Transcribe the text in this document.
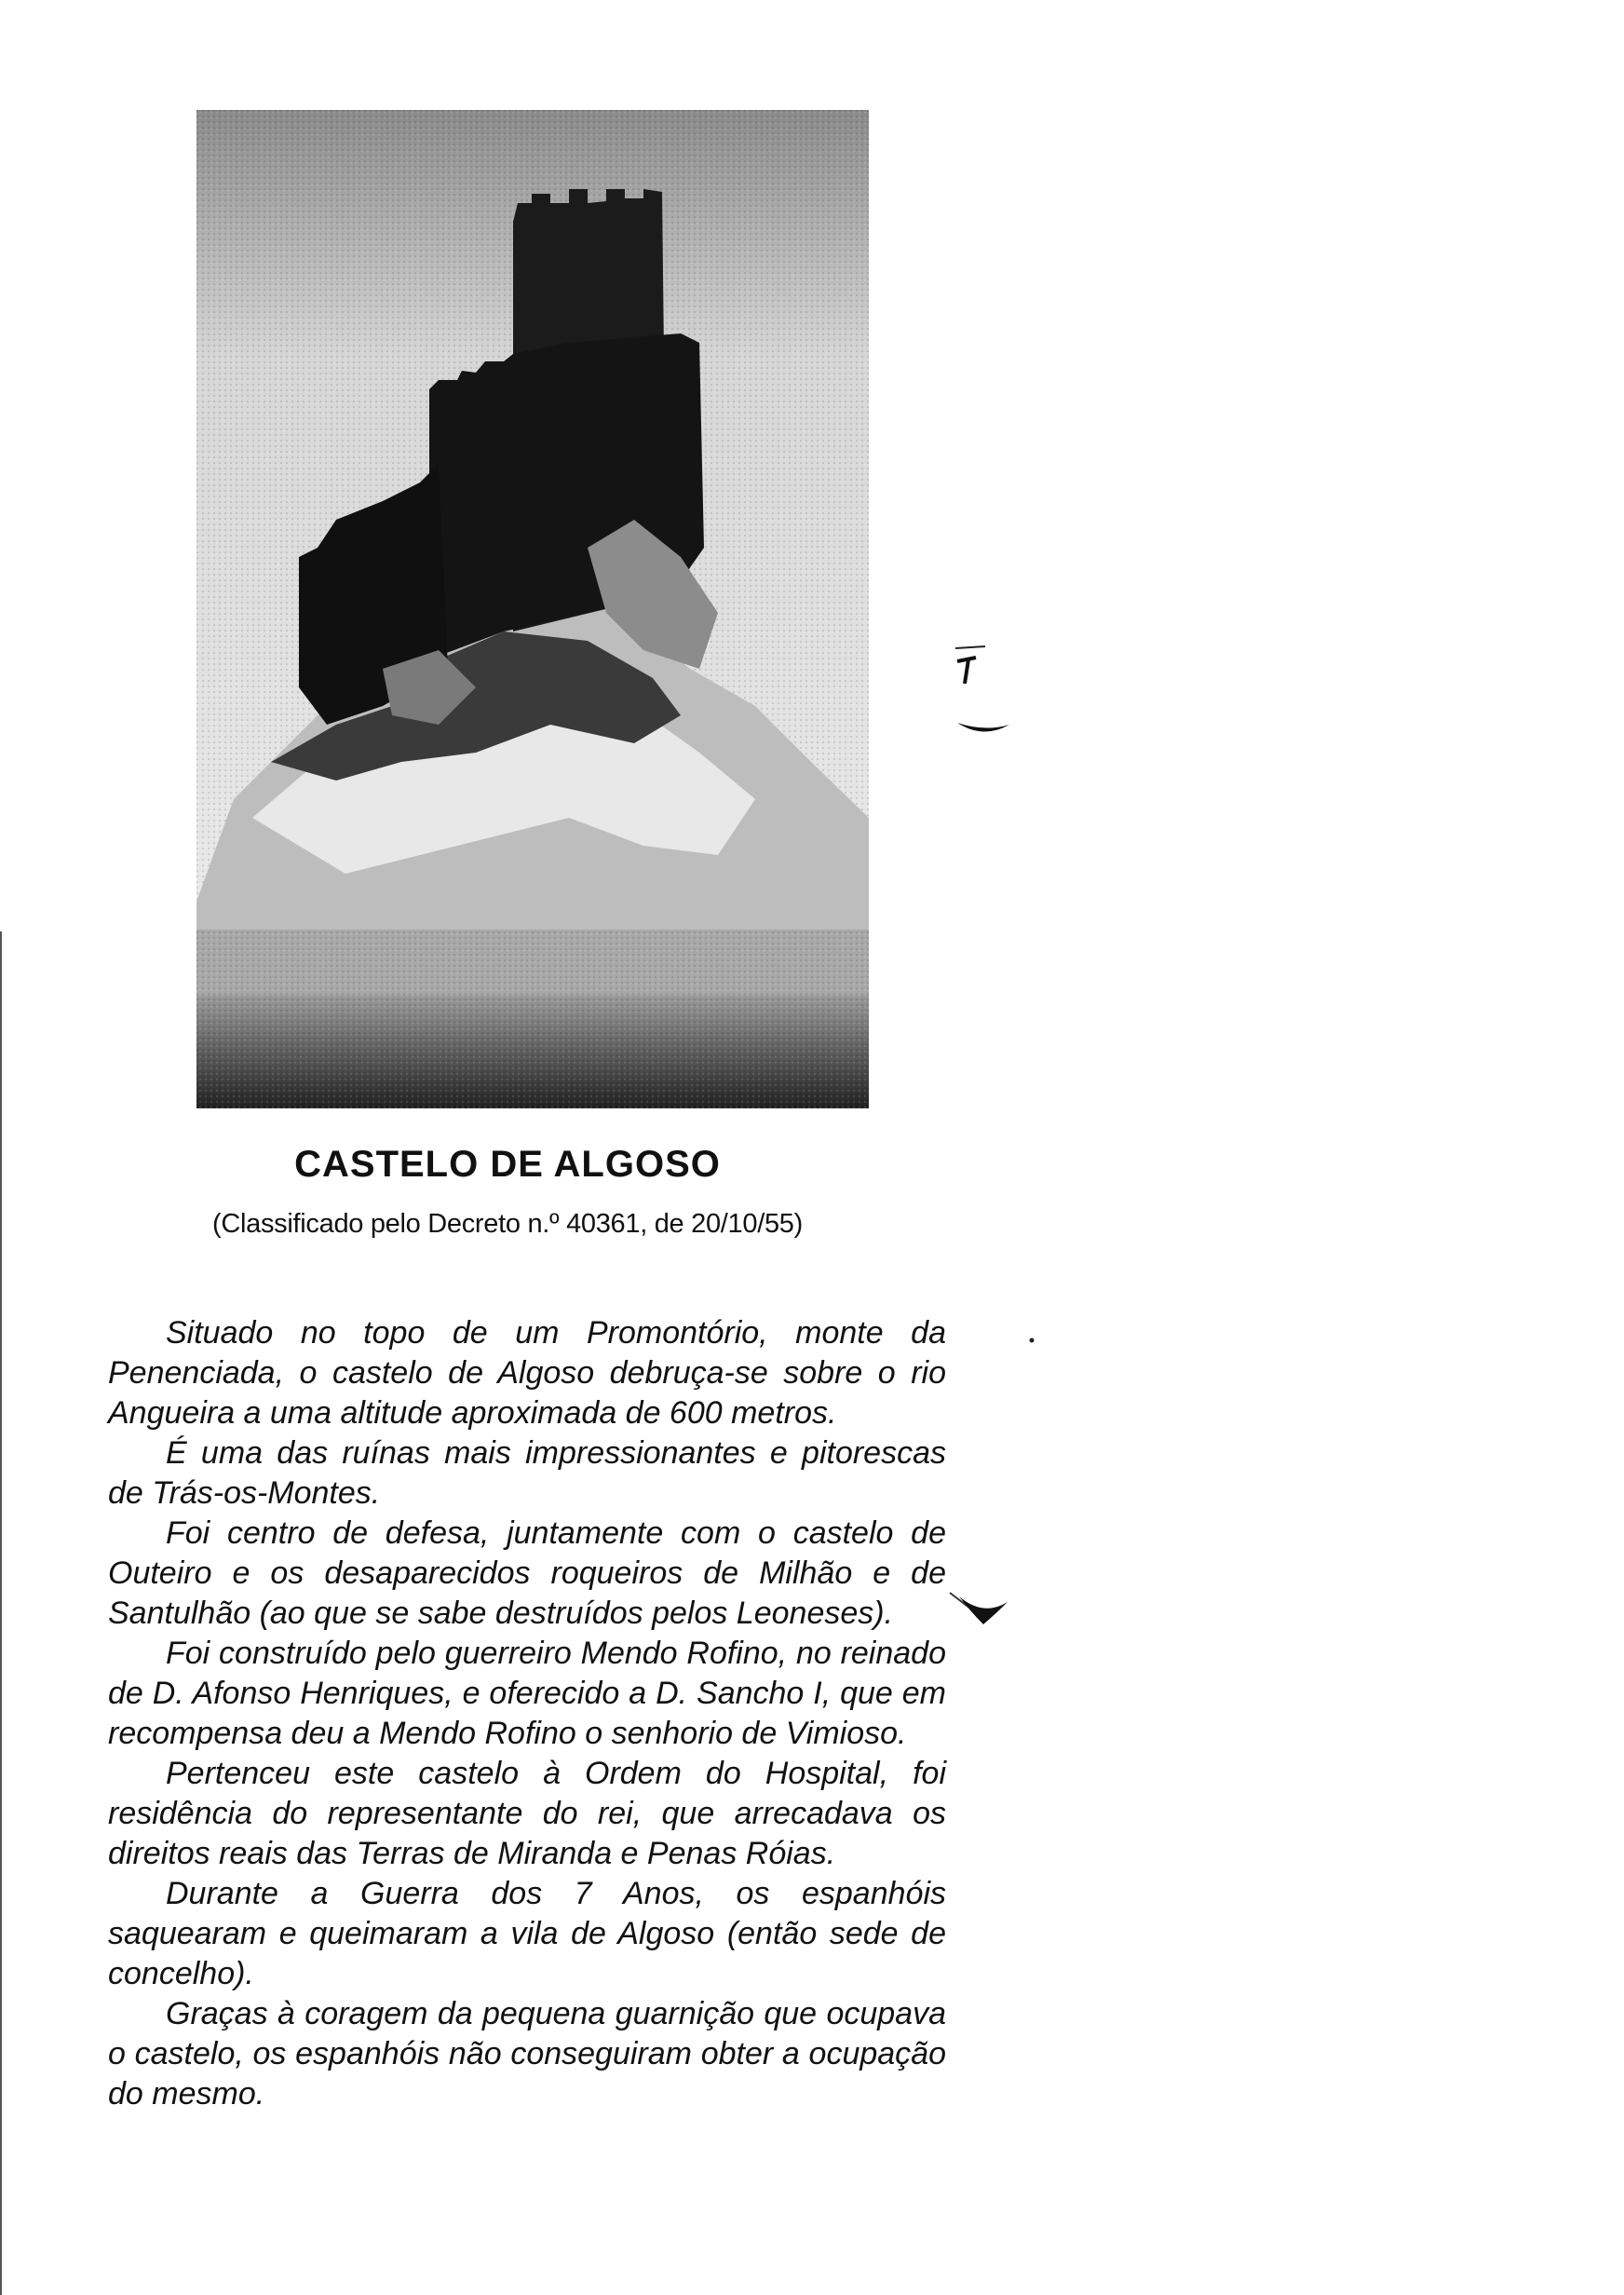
CASTELO DE ALGOSO
(Classificado pelo Decreto n.º 40361, de 20/10/55)

Situado no topo de um Promontório, monte da Penenciada, o castelo de Algoso debruça-se sobre o rio Angueira a uma altitude aproximada de 600 metros.

É uma das ruínas mais impressionantes e pitorescas de Trás-os-Montes.

Foi centro de defesa, juntamente com o castelo de Outeiro e os desaparecidos roqueiros de Milhão e de Santulhão (ao que se sabe destruídos pelos Leoneses).

Foi construído pelo guerreiro Mendo Rofino, no reinado de D. Afonso Henriques, e oferecido a D. Sancho I, que em recompensa deu a Mendo Rofino o senhorio de Vimioso.

Pertenceu este castelo à Ordem do Hospital, foi residência do representante do rei, que arrecadava os direitos reais das Terras de Miranda e Penas Róias.

Durante a Guerra dos 7 Anos, os espanhóis saquearam e queimaram a vila de Algoso (então sede de concelho).

Graças à coragem da pequena guarnição que ocupava o castelo, os espanhóis não conseguiram obter a ocupação do mesmo.
